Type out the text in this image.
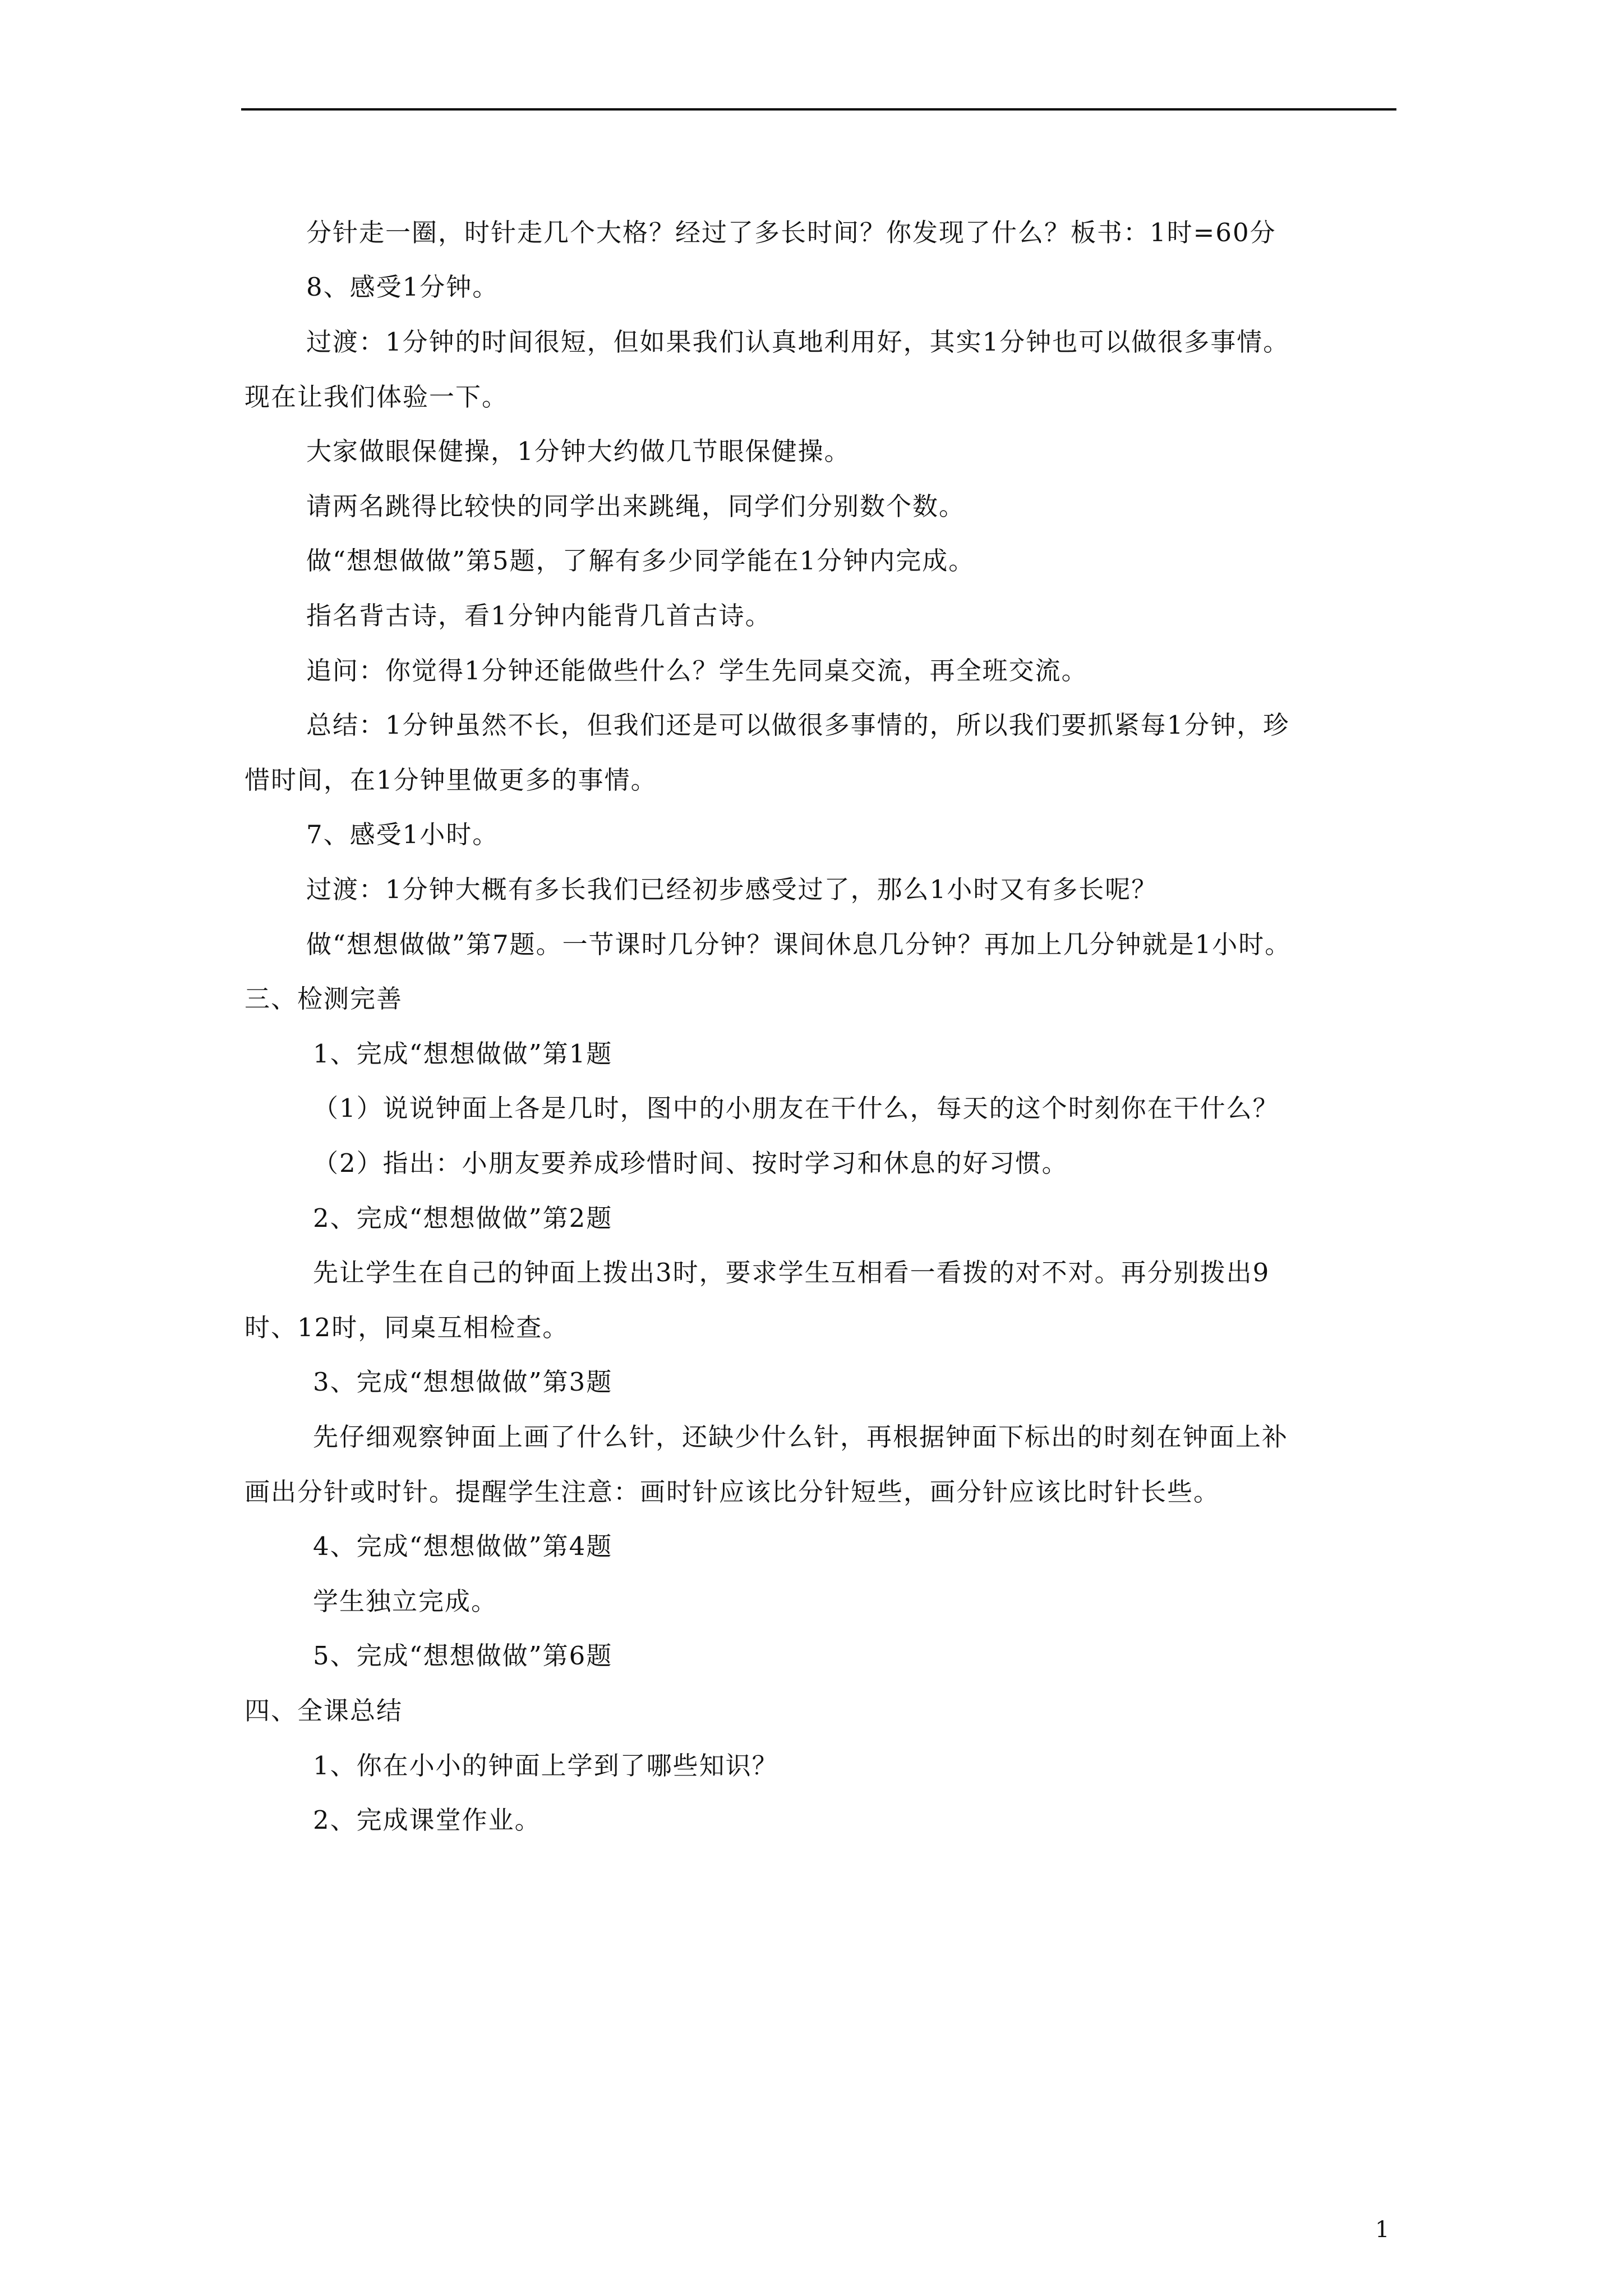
分针走一圈，时针走几个大格？经过了多长时间？你发现了什么？板书：1时=60分
8、感受1分钟。
过渡：1分钟的时间很短，但如果我们认真地利用好，其实1分钟也可以做很多事情。
现在让我们体验一下。
大家做眼保健操，1分钟大约做几节眼保健操。
请两名跳得比较快的同学出来跳绳，同学们分别数个数。
做“想想做做”第5题，了解有多少同学能在1分钟内完成。
指名背古诗，看1分钟内能背几首古诗。
追问：你觉得1分钟还能做些什么？学生先同桌交流，再全班交流。
总结：1分钟虽然不长，但我们还是可以做很多事情的，所以我们要抓紧每1分钟，珍
惜时间，在1分钟里做更多的事情。
7、感受1小时。
过渡：1分钟大概有多长我们已经初步感受过了，那么1小时又有多长呢？
做“想想做做”第7题。一节课时几分钟？课间休息几分钟？再加上几分钟就是1小时。
三、检测完善
1、完成“想想做做”第1题
（1）说说钟面上各是几时，图中的小朋友在干什么，每天的这个时刻你在干什么？
（2）指出：小朋友要养成珍惜时间、按时学习和休息的好习惯。
2、完成“想想做做”第2题
先让学生在自己的钟面上拨出3时，要求学生互相看一看拨的对不对。再分别拨出9
时、12时，同桌互相检查。
3、完成“想想做做”第3题
先仔细观察钟面上画了什么针，还缺少什么针，再根据钟面下标出的时刻在钟面上补
画出分针或时针。提醒学生注意：画时针应该比分针短些，画分针应该比时针长些。
4、完成“想想做做”第4题
学生独立完成。
5、完成“想想做做”第6题
四、全课总结
1、你在小小的钟面上学到了哪些知识？
2、完成课堂作业。
1
